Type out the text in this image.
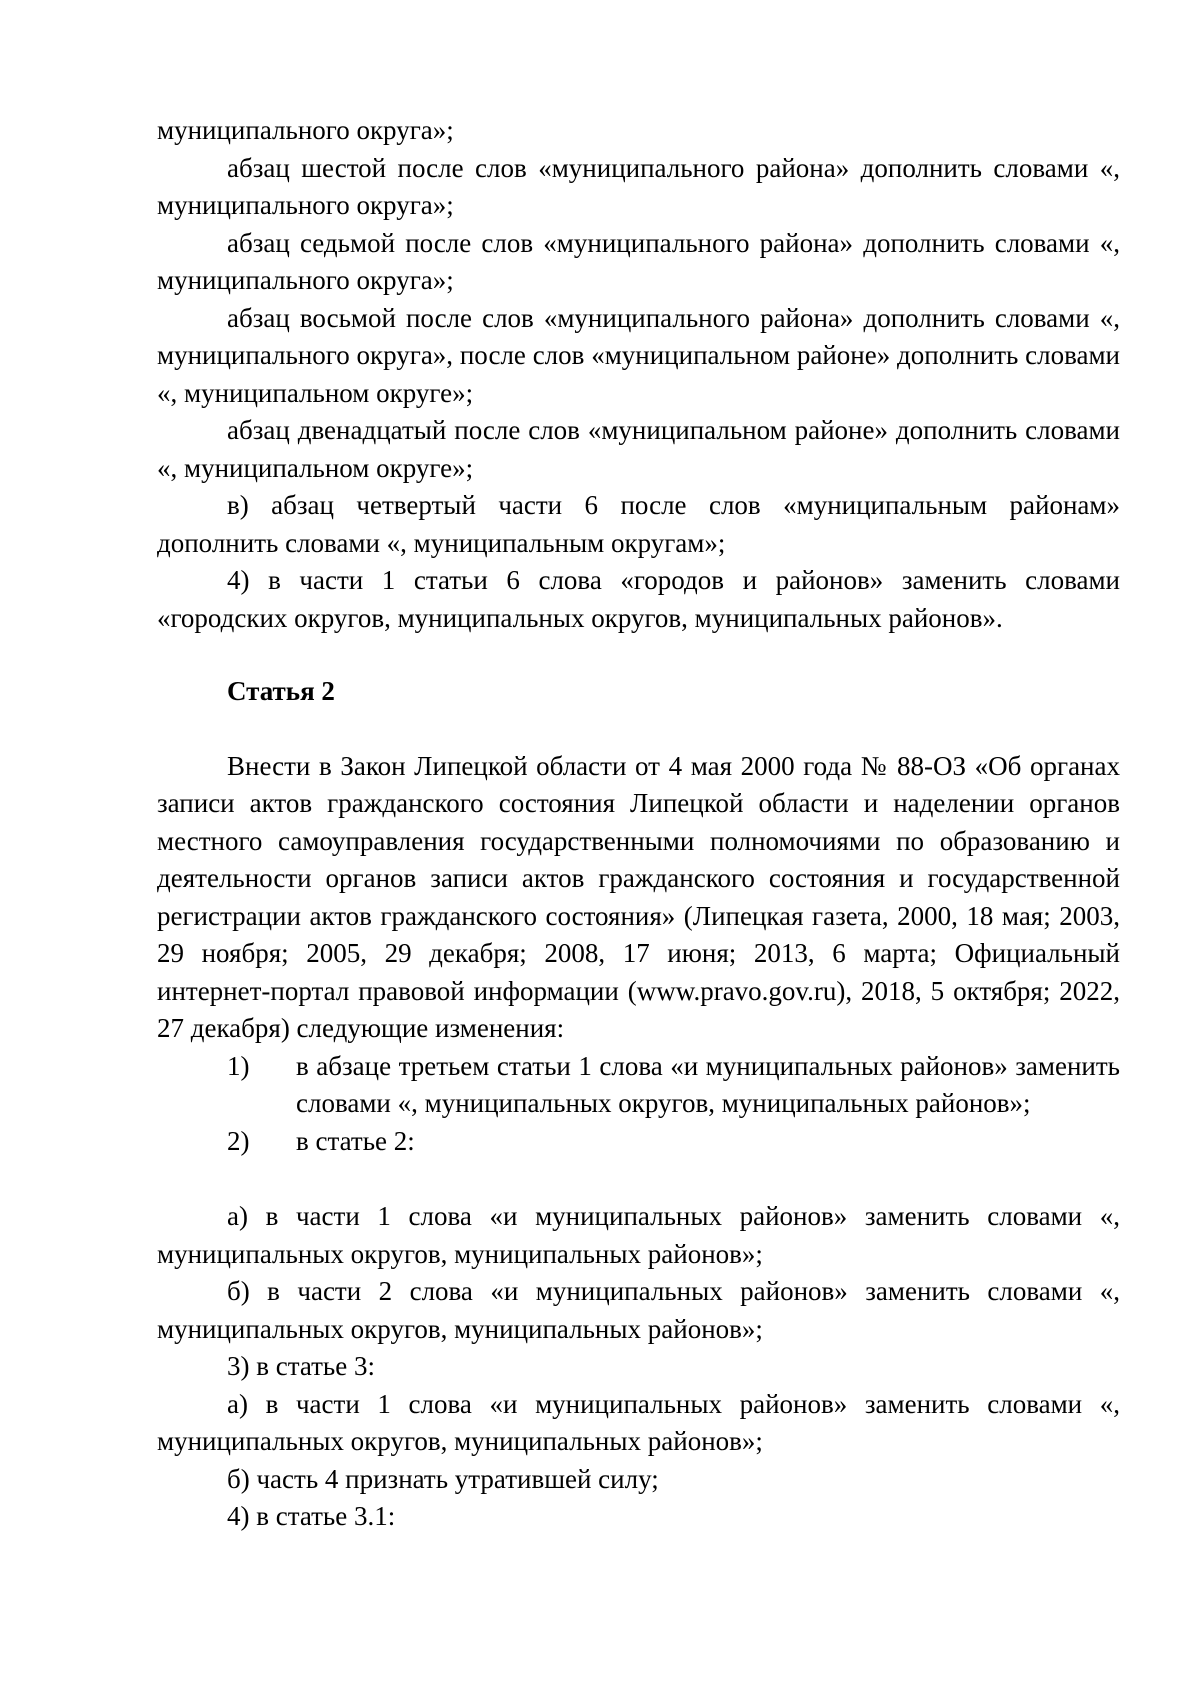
муниципального округа»;

абзац шестой после слов «муниципального района» дополнить словами «, муниципального округа»;

абзац седьмой после слов «муниципального района» дополнить словами «, муниципального округа»;

абзац восьмой после слов «муниципального района» дополнить словами «, муниципального округа», после слов «муниципальном районе» дополнить словами «, муниципальном округе»;

абзац двенадцатый после слов «муниципальном районе» дополнить словами «, муниципальном округе»;

в) абзац четвертый части 6 после слов «муниципальным районам» дополнить словами «, муниципальным округам»;

4) в части 1 статьи 6 слова «городов и районов» заменить словами «городских округов, муниципальных округов, муниципальных районов».

Статья 2

Внести в Закон Липецкой области от 4 мая 2000 года № 88-ОЗ «Об органах записи актов гражданского состояния Липецкой области и наделении органов местного самоуправления государственными полномочиями по образованию и деятельности органов записи актов гражданского состояния и государственной регистрации актов гражданского состояния» (Липецкая газета, 2000, 18 мая; 2003, 29 ноября; 2005, 29 декабря; 2008, 17 июня; 2013, 6 марта; Официальный интернет-портал правовой информации (www.pravo.gov.ru), 2018, 5 октября; 2022, 27 декабря) следующие изменения:

1)	в абзаце третьем статьи 1 слова «и муниципальных районов» заменить словами «, муниципальных округов, муниципальных районов»;
2)	в статье 2:

а) в части 1 слова «и муниципальных районов» заменить словами «, муниципальных округов, муниципальных районов»;

б) в части 2 слова «и муниципальных районов» заменить словами «, муниципальных округов, муниципальных районов»;

3) в статье 3:

а) в части 1 слова «и муниципальных районов» заменить словами «, муниципальных округов, муниципальных районов»;

б) часть 4 признать утратившей силу;

4) в статье 3.1:
